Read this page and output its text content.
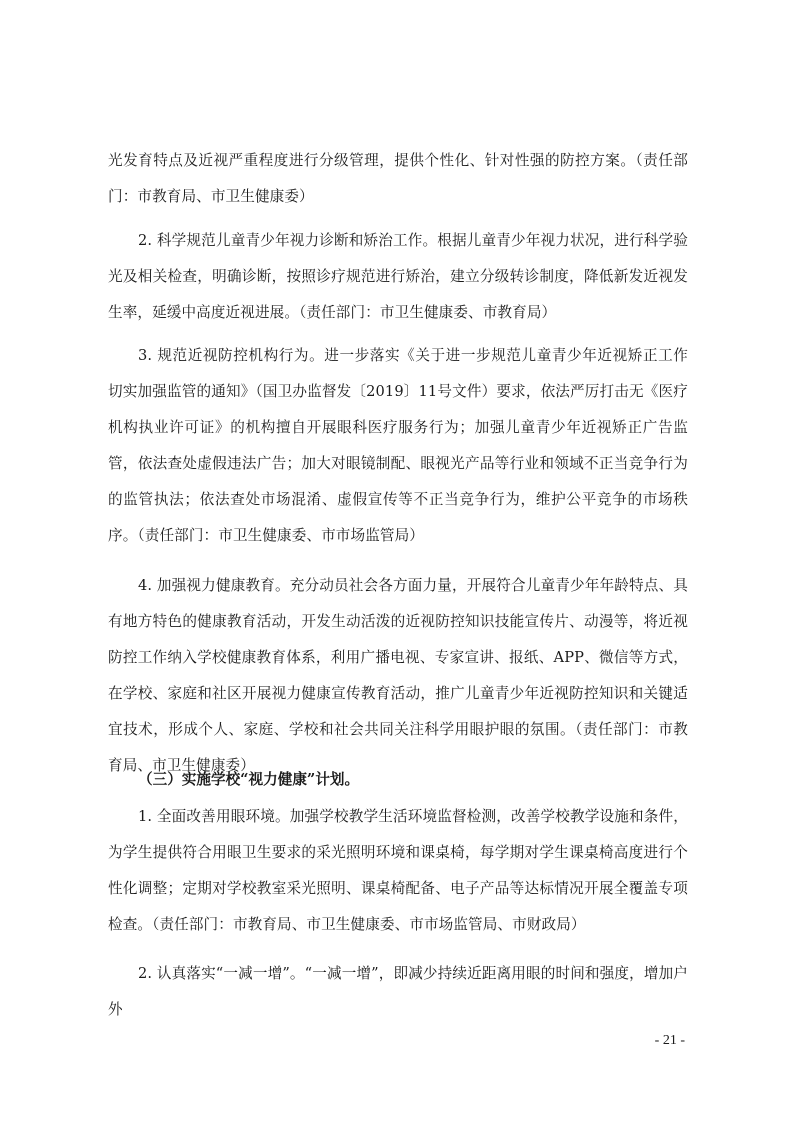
光发育特点及近视严重程度进行分级管理，提供个性化、针对性强的防控方案。（责任部门：市教育局、市卫生健康委）

2. 科学规范儿童青少年视力诊断和矫治工作。根据儿童青少年视力状况，进行科学验光及相关检查，明确诊断，按照诊疗规范进行矫治，建立分级转诊制度，降低新发近视发生率，延缓中高度近视进展。（责任部门：市卫生健康委、市教育局）

3. 规范近视防控机构行为。进一步落实《关于进一步规范儿童青少年近视矫正工作 切实加强监管的通知》（国卫办监督发〔2019〕11号文件）要求，依法严厉打击无《医疗机构执业许可证》的机构擅自开展眼科医疗服务行为；加强儿童青少年近视矫正广告监管，依法查处虚假违法广告；加大对眼镜制配、眼视光产品等行业和领域不正当竞争行为的监管执法；依法查处市场混淆、虚假宣传等不正当竞争行为，维护公平竞争的市场秩序。（责任部门：市卫生健康委、市市场监管局）

4. 加强视力健康教育。充分动员社会各方面力量，开展符合儿童青少年年龄特点、具有地方特色的健康教育活动，开发生动活泼的近视防控知识技能宣传片、动漫等，将近视防控工作纳入学校健康教育体系，利用广播电视、专家宣讲、报纸、APP、微信等方式，在学校、家庭和社区开展视力健康宣传教育活动，推广儿童青少年近视防控知识和关键适宜技术，形成个人、家庭、学校和社会共同关注科学用眼护眼的氛围。（责任部门：市教育局、市卫生健康委）

（三）实施学校“视力健康”计划。

1. 全面改善用眼环境。加强学校教学生活环境监督检测，改善学校教学设施和条件，为学生提供符合用眼卫生要求的采光照明环境和课桌椅，每学期对学生课桌椅高度进行个性化调整；定期对学校教室采光照明、课桌椅配备、电子产品等达标情况开展全覆盖专项检查。（责任部门：市教育局、市卫生健康委、市市场监管局、市财政局）

2. 认真落实“一减一增”。“一减一增”，即减少持续近距离用眼的时间和强度，增加户外

- 21 -
